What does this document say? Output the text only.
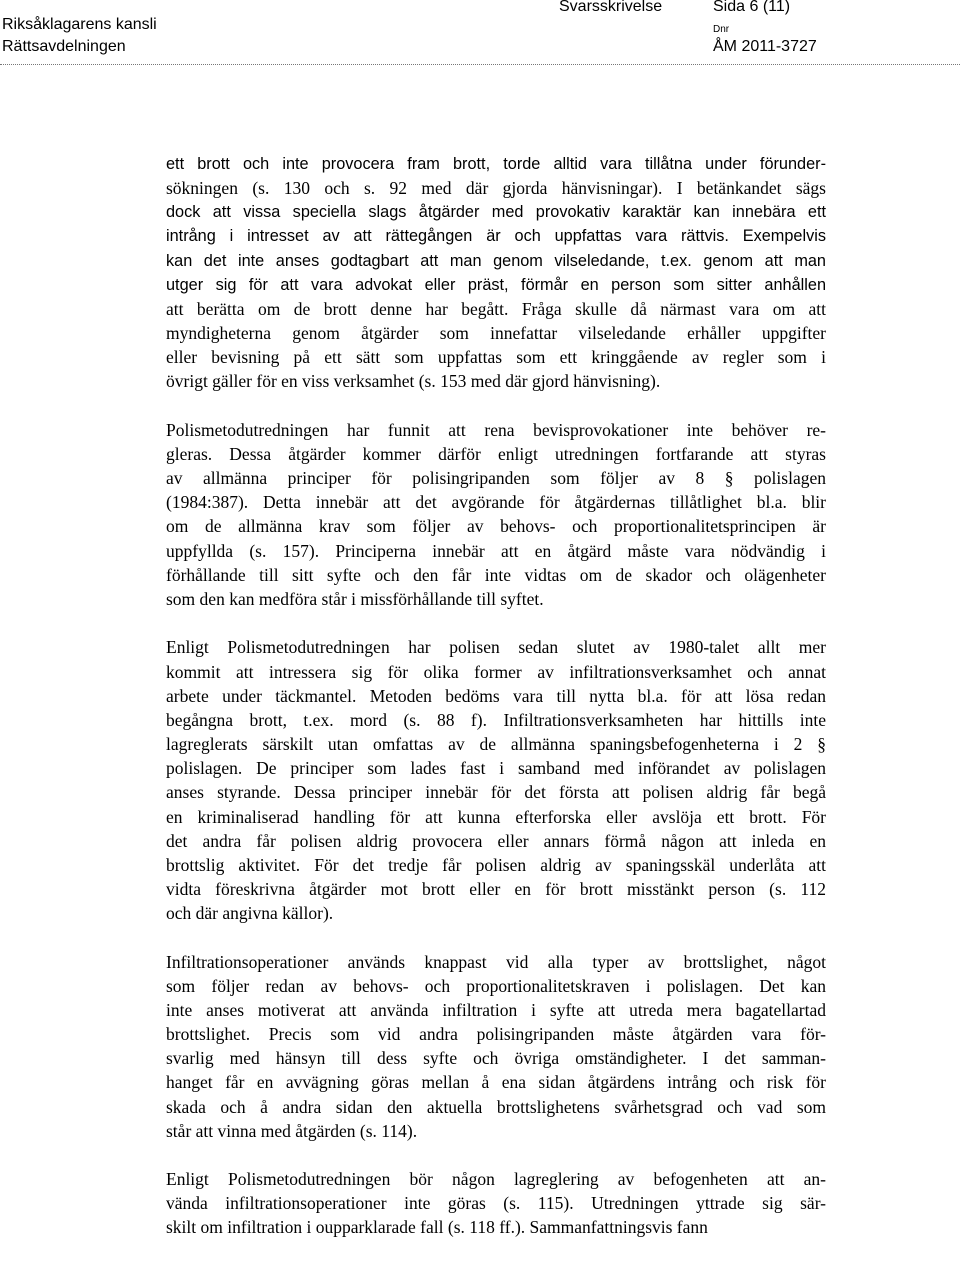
Riksåklagarens kansli
Rättsavdelningen
Svarsskrivelse	Sida 6 (11)
Dnr
ÅM 2011-3727
ett brott och inte provocera fram brott, torde alltid vara tillåtna under förunder-
sökningen (s. 130 och s. 92 med där gjorda hänvisningar). I betänkandet sägs
dock att vissa speciella slags åtgärder med provokativ karaktär kan innebära ett
intrång i intresset av att rättegången är och uppfattas vara rättvis. Exempelvis
kan det inte anses godtagbart att man genom vilseledande, t.ex. genom att man
utger sig för att vara advokat eller präst, förmår en person som sitter anhållen
att berätta om de brott denne har begått. Fråga skulle då närmast vara om att
myndigheterna genom åtgärder som innefattar vilseledande erhåller uppgifter
eller bevisning på ett sätt som uppfattas som ett kringgående av regler som i
övrigt gäller för en viss verksamhet (s. 153 med där gjord hänvisning).
Polismetodutredningen har funnit att rena bevisprovokationer inte behöver re-
gleras. Dessa åtgärder kommer därför enligt utredningen fortfarande att styras
av allmänna principer för polisingripanden som följer av 8 § polislagen
(1984:387). Detta innebär att det avgörande för åtgärdernas tillåtlighet bl.a. blir
om de allmänna krav som följer av behovs- och proportionalitetsprincipen är
uppfyllda (s. 157). Principerna innebär att en åtgärd måste vara nödvändig i
förhållande till sitt syfte och den får inte vidtas om de skador och olägenheter
som den kan medföra står i missförhållande till syftet.
Enligt Polismetodutredningen har polisen sedan slutet av 1980-talet allt mer
kommit att intressera sig för olika former av infiltrationsverksamhet och annat
arbete under täckmantel. Metoden bedöms vara till nytta bl.a. för att lösa redan
begångna brott, t.ex. mord (s. 88 f). Infiltrationsverksamheten har hittills inte
lagreglerats särskilt utan omfattas av de allmänna spaningsbefogenheterna i 2 §
polislagen. De principer som lades fast i samband med införandet av polislagen
anses styrande. Dessa principer innebär för det första att polisen aldrig får begå
en kriminaliserad handling för att kunna efterforska eller avslöja ett brott. För
det andra får polisen aldrig provocera eller annars förmå någon att inleda en
brottslig aktivitet. För det tredje får polisen aldrig av spaningsskäl underlåta att
vidta föreskrivna åtgärder mot brott eller en för brott misstänkt person (s. 112
och där angivna källor).
Infiltrationsoperationer används knappast vid alla typer av brottslighet, något
som följer redan av behovs- och proportionalitetskraven i polislagen. Det kan
inte anses motiverat att använda infiltration i syfte att utreda mera bagatellartad
brottslighet. Precis som vid andra polisingripanden måste åtgärden vara för-
svarlig med hänsyn till dess syfte och övriga omständigheter. I det samman-
hanget får en avvägning göras mellan å ena sidan åtgärdens intrång och risk för
skada och å andra sidan den aktuella brottslighetens svårhetsgrad och vad som
står att vinna med åtgärden (s. 114).
Enligt Polismetodutredningen bör någon lagreglering av befogenheten att an-
vända infiltrationsoperationer inte göras (s. 115). Utredningen yttrade sig sär-
skilt om infiltration i oupparklarade fall (s. 118 ff.). Sammanfattningsvis fann
